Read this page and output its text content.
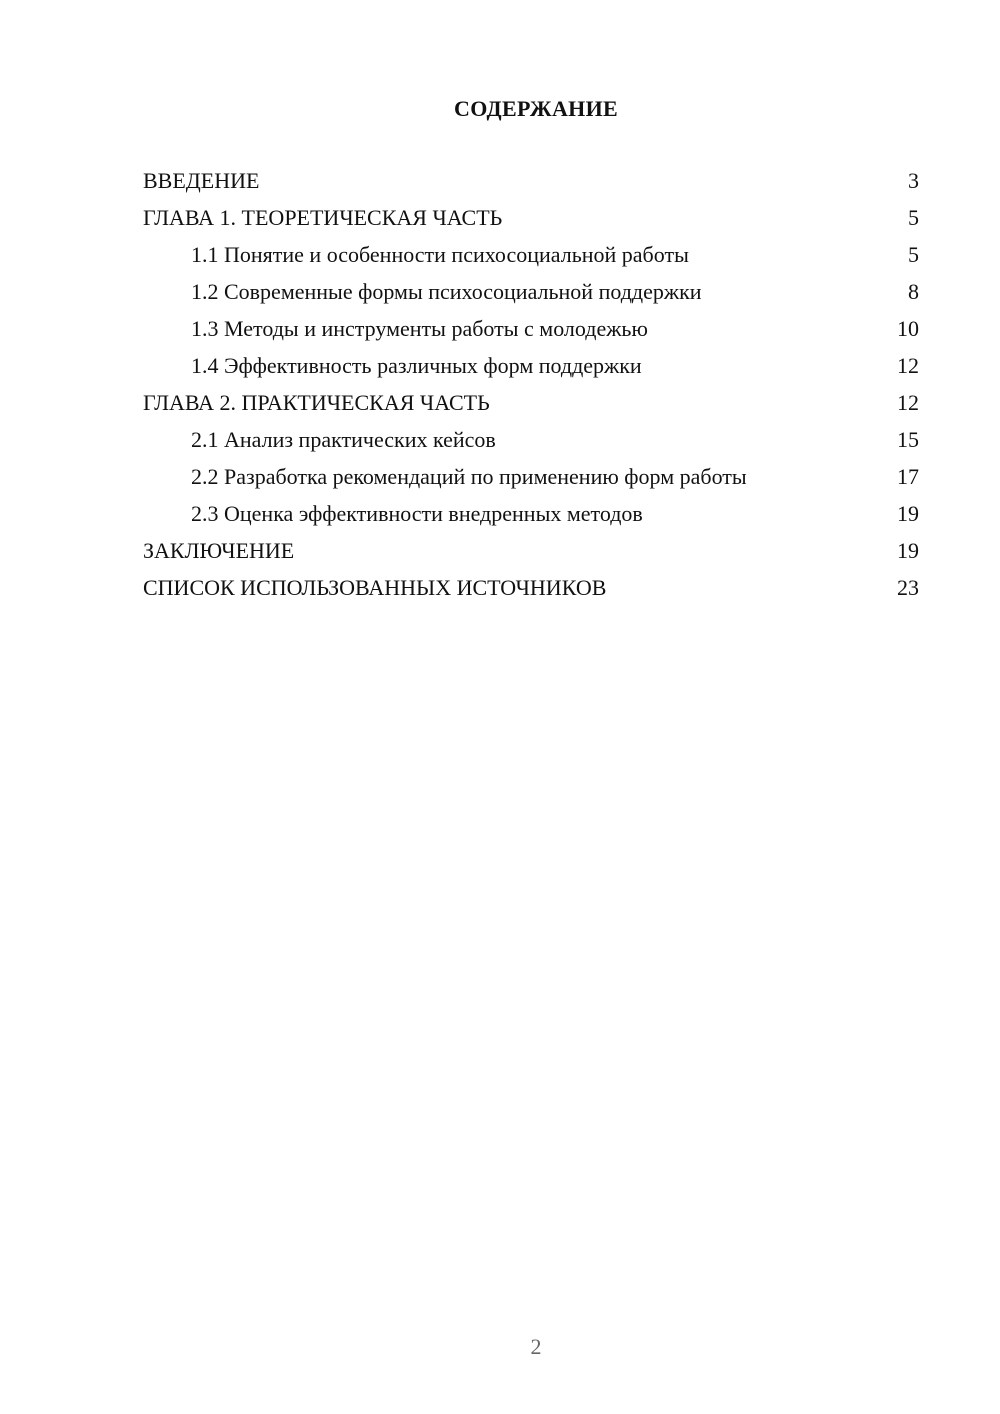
СОДЕРЖАНИЕ
ВВЕДЕНИЕ	3
ГЛАВА 1. ТЕОРЕТИЧЕСКАЯ ЧАСТЬ	5
1.1 Понятие и особенности психосоциальной работы	5
1.2 Современные формы психосоциальной поддержки	8
1.3 Методы и инструменты работы с молодежью	10
1.4 Эффективность различных форм поддержки	12
ГЛАВА 2. ПРАКТИЧЕСКАЯ ЧАСТЬ	12
2.1 Анализ практических кейсов	15
2.2 Разработка рекомендаций по применению форм работы	17
2.3 Оценка эффективности внедренных методов	19
ЗАКЛЮЧЕНИЕ	19
СПИСОК ИСПОЛЬЗОВАННЫХ ИСТОЧНИКОВ	23
2
